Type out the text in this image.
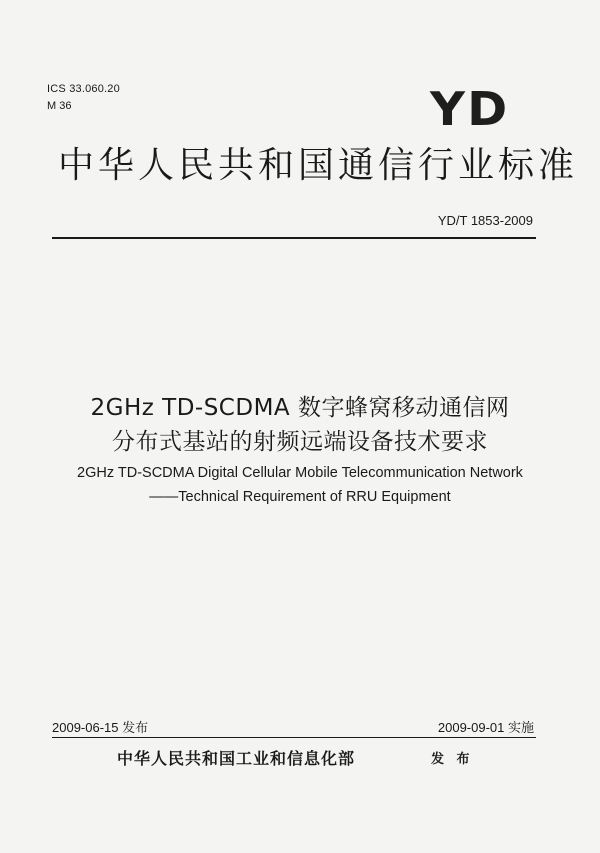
ICS 33.060.20
M 36	YD
中华人民共和国通信行业标准
YD/T 1853-2009
2GHz TD-SCDMA 数字蜂窝移动通信网
分布式基站的射频远端设备技术要求
2GHz TD-SCDMA Digital Cellular Mobile Telecommunication Network
——Technical Requirement of RRU Equipment
2009-06-15 发布	2009-09-01 实施
中华人民共和国工业和信息化部	发 布
